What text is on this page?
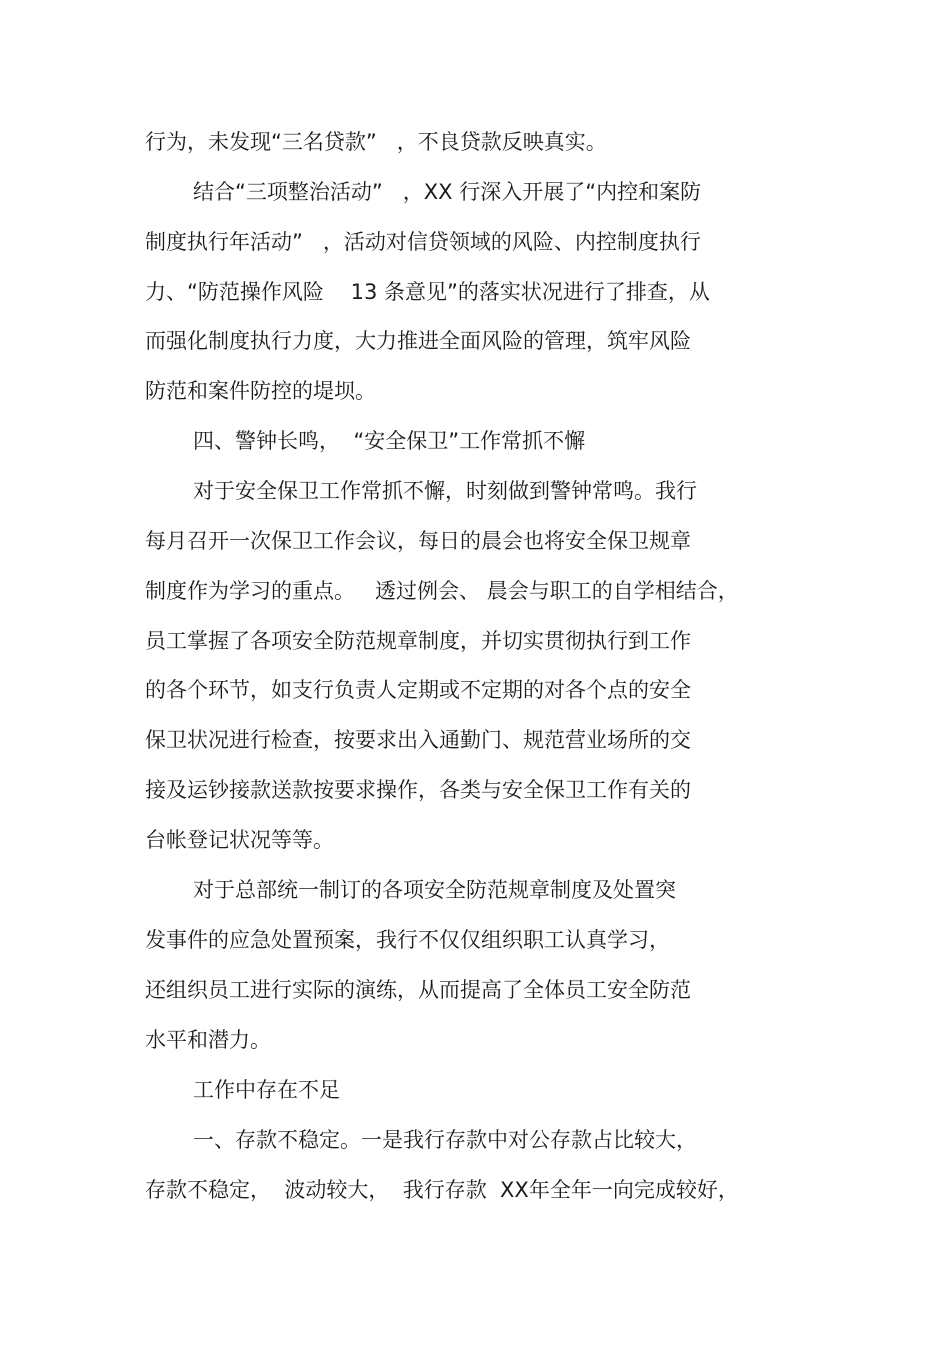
行为，未发现“三名贷款”   ，不良贷款反映真实。
结合“三项整治活动”   ，XX 行深入开展了“内控和案防
制度执行年活动”   ，活动对信贷领域的风险、内控制度执行
力、“防范操作风险    13 条意见”的落实状况进行了排查，从
而强化制度执行力度，大力推进全面风险的管理，筑牢风险
防范和案件防控的堤坝。
四、警钟长鸣，  “安全保卫”工作常抓不懈
对于安全保卫工作常抓不懈，时刻做到警钟常鸣。我行
每月召开一次保卫工作会议，每日的晨会也将安全保卫规章
制度作为学习的重点。   透过例会、 晨会与职工的自学相结合，
员工掌握了各项安全防范规章制度，并切实贯彻执行到工作
的各个环节，如支行负责人定期或不定期的对各个点的安全
保卫状况进行检查，按要求出入通勤门、规范营业场所的交
接及运钞接款送款按要求操作，各类与安全保卫工作有关的
台帐登记状况等等。
对于总部统一制订的各项安全防范规章制度及处置突
发事件的应急处置预案，我行不仅仅组织职工认真学习，
还组织员工进行实际的演练，从而提高了全体员工安全防范
水平和潜力。
工作中存在不足
一、存款不稳定。一是我行存款中对公存款占比较大，
存款不稳定，  波动较大，  我行存款  XX年全年一向完成较好，
